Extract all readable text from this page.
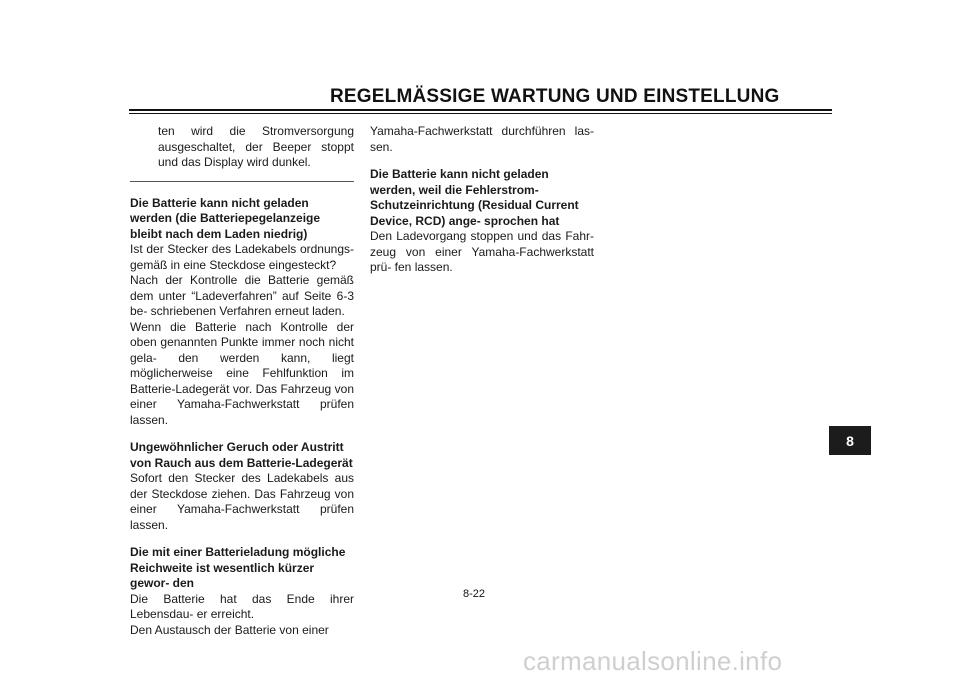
REGELMÄSSIGE WARTUNG UND EINSTELLUNG

ten wird die Stromversorgung ausgeschaltet, der Beeper stoppt und das Display wird dunkel.

Die Batterie kann nicht geladen werden (die Batteriepegelanzeige bleibt nach dem Laden niedrig)

Ist der Stecker des Ladekabels ordnungs- gemäß in eine Steckdose eingesteckt?

Nach der Kontrolle die Batterie gemäß dem unter “Ladeverfahren” auf Seite 6-3 be- schriebenen Verfahren erneut laden.

Wenn die Batterie nach Kontrolle der oben genannten Punkte immer noch nicht gela- den werden kann, liegt möglicherweise eine Fehlfunktion im Batterie-Ladegerät vor. Das Fahrzeug von einer Yamaha-Fachwerkstatt prüfen lassen.

Ungewöhnlicher Geruch oder Austritt von Rauch aus dem Batterie-Ladegerät

Sofort den Stecker des Ladekabels aus der Steckdose ziehen. Das Fahrzeug von einer Yamaha-Fachwerkstatt prüfen lassen.

Die mit einer Batterieladung mögliche Reichweite ist wesentlich kürzer gewor- den

Die Batterie hat das Ende ihrer Lebensdau- er erreicht.

Den Austausch der Batterie von einer

Yamaha-Fachwerkstatt durchführen las- sen.

Die Batterie kann nicht geladen werden, weil die Fehlerstrom-Schutzeinrichtung (Residual Current Device, RCD) ange- sprochen hat

Den Ladevorgang stoppen und das Fahr- zeug von einer Yamaha-Fachwerkstatt prü- fen lassen.

8
8-22
carmanualsonline.info
